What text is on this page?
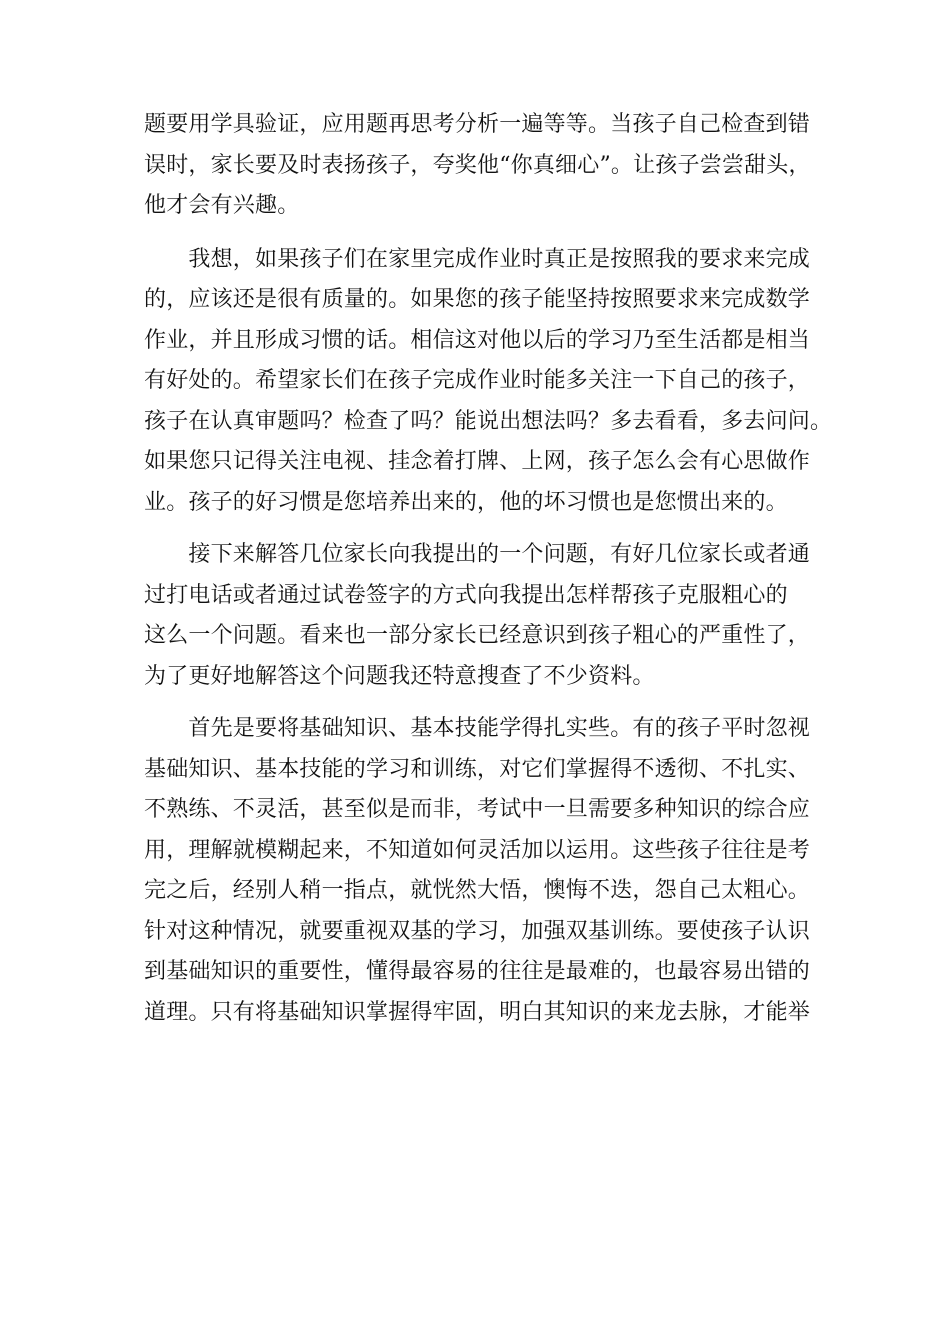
题要用学具验证，应用题再思考分析一遍等等。当孩子自己检查到错
误时，家长要及时表扬孩子，夸奖他“你真细心”。让孩子尝尝甜头，
他才会有兴趣。
　　我想，如果孩子们在家里完成作业时真正是按照我的要求来完成
的，应该还是很有质量的。如果您的孩子能坚持按照要求来完成数学
作业，并且形成习惯的话。相信这对他以后的学习乃至生活都是相当
有好处的。希望家长们在孩子完成作业时能多关注一下自己的孩子，
孩子在认真审题吗？检查了吗？能说出想法吗？多去看看，多去问问。
如果您只记得关注电视、挂念着打牌、上网，孩子怎么会有心思做作
业。孩子的好习惯是您培养出来的，他的坏习惯也是您惯出来的。
　　接下来解答几位家长向我提出的一个问题，有好几位家长或者通
过打电话或者通过试卷签字的方式向我提出怎样帮孩子克服粗心的
这么一个问题。看来也一部分家长已经意识到孩子粗心的严重性了，
为了更好地解答这个问题我还特意搜查了不少资料。
　　首先是要将基础知识、基本技能学得扎实些。有的孩子平时忽视
基础知识、基本技能的学习和训练，对它们掌握得不透彻、不扎实、
不熟练、不灵活，甚至似是而非，考试中一旦需要多种知识的综合应
用，理解就模糊起来，不知道如何灵活加以运用。这些孩子往往是考
完之后，经别人稍一指点，就恍然大悟，懊悔不迭，怨自己太粗心。
针对这种情况，就要重视双基的学习，加强双基训练。要使孩子认识
到基础知识的重要性，懂得最容易的往往是最难的，也最容易出错的
道理。只有将基础知识掌握得牢固，明白其知识的来龙去脉，才能举
